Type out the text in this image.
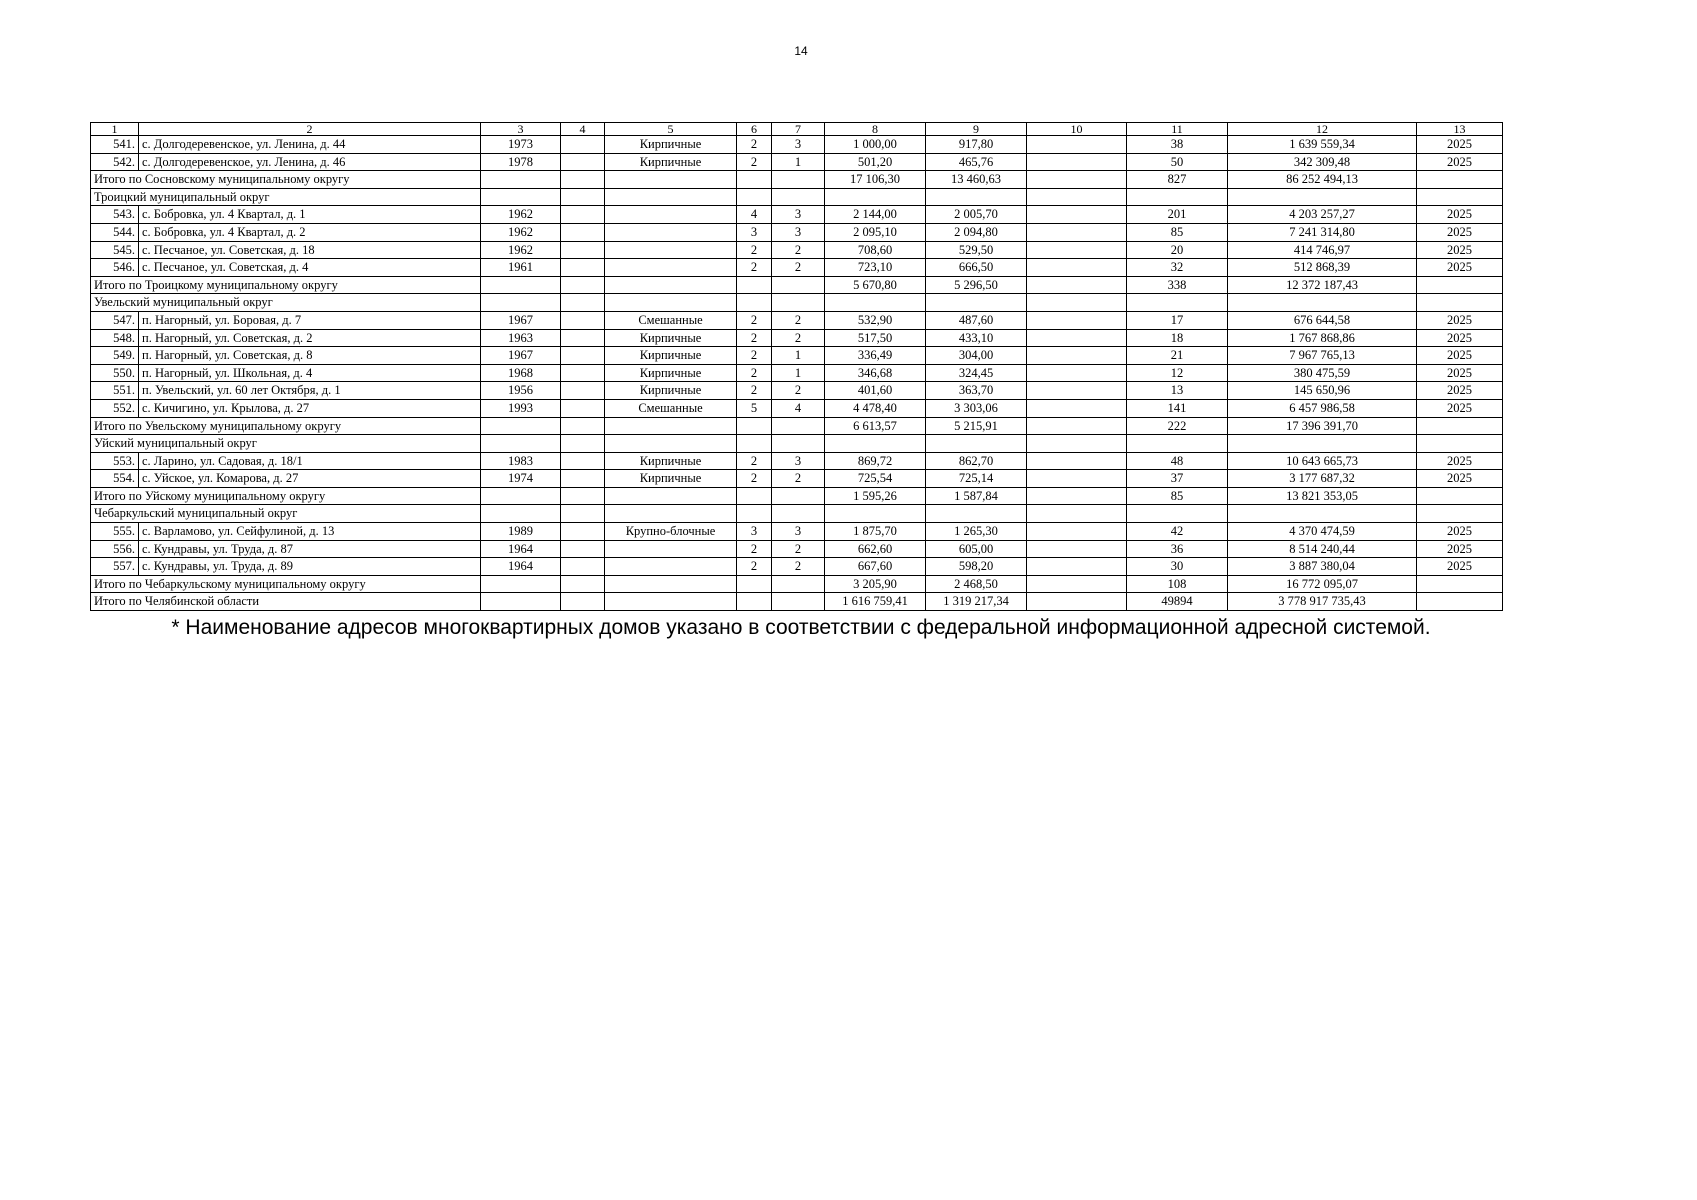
14
1	2	3	4	5	6	7	8	9	10	11	12	13
541.	с. Долгодеревенское, ул. Ленина, д. 44	1973		Кирпичные	2	3	1 000,00	917,80		38	1 639 559,34	2025
542.	с. Долгодеревенское, ул. Ленина, д. 46	1978		Кирпичные	2	1	501,20	465,76		50	342 309,48	2025
Итого по Сосновскому муниципальному округу							17 106,30	13 460,63		827	86 252 494,13	
Троицкий муниципальный округ												
543.	с. Бобровка, ул. 4 Квартал, д. 1	1962			4	3	2 144,00	2 005,70		201	4 203 257,27	2025
544.	с. Бобровка, ул. 4 Квартал, д. 2	1962			3	3	2 095,10	2 094,80		85	7 241 314,80	2025
545.	с. Песчаное, ул. Советская, д. 18	1962			2	2	708,60	529,50		20	414 746,97	2025
546.	с. Песчаное, ул. Советская, д. 4	1961			2	2	723,10	666,50		32	512 868,39	2025
Итого по Троицкому муниципальному округу							5 670,80	5 296,50		338	12 372 187,43	
Увельский муниципальный округ												
547.	п. Нагорный, ул. Боровая, д. 7	1967		Смешанные	2	2	532,90	487,60		17	676 644,58	2025
548.	п. Нагорный, ул. Советская, д. 2	1963		Кирпичные	2	2	517,50	433,10		18	1 767 868,86	2025
549.	п. Нагорный, ул. Советская, д. 8	1967		Кирпичные	2	1	336,49	304,00		21	7 967 765,13	2025
550.	п. Нагорный, ул. Школьная, д. 4	1968		Кирпичные	2	1	346,68	324,45		12	380 475,59	2025
551.	п. Увельский, ул. 60 лет Октября, д. 1	1956		Кирпичные	2	2	401,60	363,70		13	145 650,96	2025
552.	с. Кичигино, ул. Крылова, д. 27	1993		Смешанные	5	4	4 478,40	3 303,06		141	6 457 986,58	2025
Итого по Увельскому муниципальному округу							6 613,57	5 215,91		222	17 396 391,70	
Уйский муниципальный округ												
553.	с. Ларино, ул. Садовая, д. 18/1	1983		Кирпичные	2	3	869,72	862,70		48	10 643 665,73	2025
554.	с. Уйское, ул. Комарова, д. 27	1974		Кирпичные	2	2	725,54	725,14		37	3 177 687,32	2025
Итого по Уйскому муниципальному округу							1 595,26	1 587,84		85	13 821 353,05	
Чебаркульский муниципальный округ												
555.	с. Варламово, ул. Сейфулиной, д. 13	1989		Крупно-блочные	3	3	1 875,70	1 265,30		42	4 370 474,59	2025
556.	с. Кундравы, ул. Труда, д. 87	1964			2	2	662,60	605,00		36	8 514 240,44	2025
557.	с. Кундравы, ул. Труда, д. 89	1964			2	2	667,60	598,20		30	3 887 380,04	2025
Итого по Чебаркульскому муниципальному округу							3 205,90	2 468,50		108	16 772 095,07	
Итого по Челябинской области							1 616 759,41	1 319 217,34		49894	3 778 917 735,43	
* Наименование адресов многоквартирных домов указано в соответствии с федеральной информационной адресной системой.
